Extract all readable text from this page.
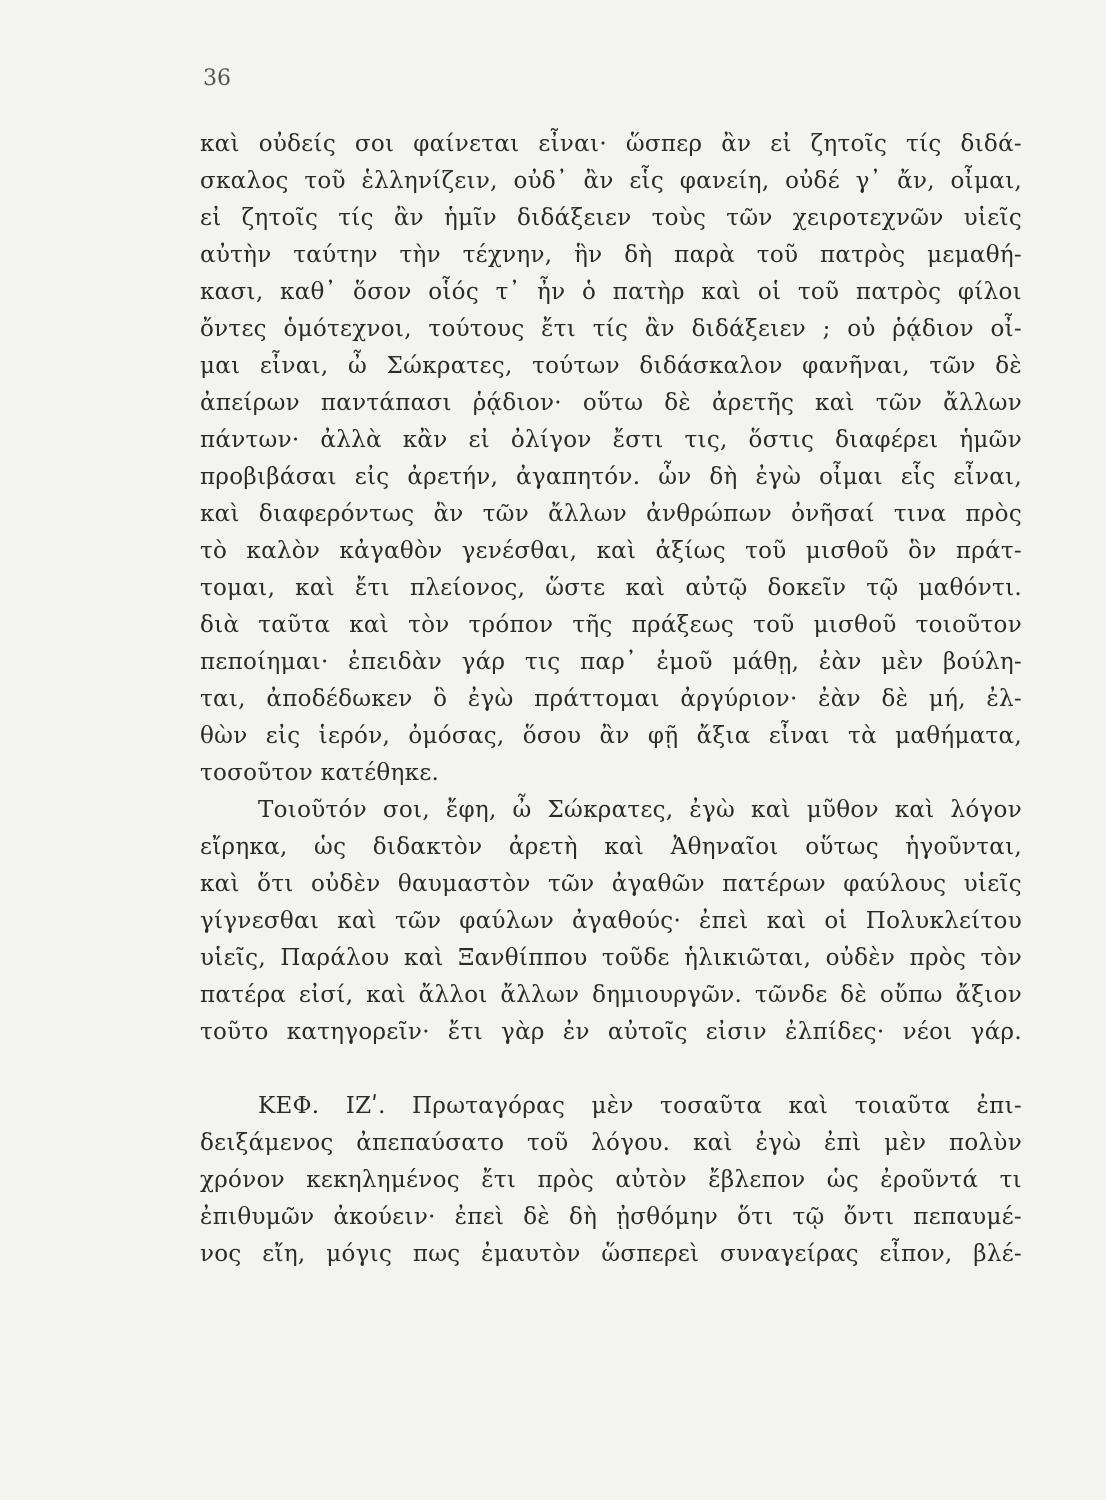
36
καὶ οὐδείς σοι φαίνεται εἶναι· ὥσπερ ἂν εἰ ζητοῖς τίς διδά-
σκαλος τοῦ ἑλληνίζειν, οὐδ᾽ ἂν εἷς φανείη, οὐδέ γ᾽ ἄν, οἶμαι,
εἰ ζητοῖς τίς ἂν ἡμῖν διδάξειεν τοὺς τῶν χειροτεχνῶν υἱεῖς
αὐτὴν ταύτην τὴν τέχνην, ἣν δὴ παρὰ τοῦ πατρὸς μεμαθή-
κασι, καθ᾽ ὅσον οἷός τ᾽ ἦν ὁ πατὴρ καὶ οἱ τοῦ πατρὸς φίλοι
ὄντες ὁμότεχνοι, τούτους ἔτι τίς ἂν διδάξειεν ; οὐ ῥᾴδιον οἶ-
μαι εἶναι, ὦ Σώκρατες, τούτων διδάσκαλον φανῆναι, τῶν δὲ
ἀπείρων παντάπασι ῥᾴδιον· οὕτω δὲ ἀρετῆς καὶ τῶν ἄλλων
πάντων· ἀλλὰ κἂν εἰ ὀλίγον ἔστι τις, ὅστις διαφέρει ἡμῶν
προβιβάσαι εἰς ἀρετήν, ἀγαπητόν. ὧν δὴ ἐγὼ οἶμαι εἷς εἶναι,
καὶ διαφερόντως ἂν τῶν ἄλλων ἀνθρώπων ὀνῆσαί τινα πρὸς
τὸ καλὸν κἀγαθὸν γενέσθαι, καὶ ἀξίως τοῦ μισθοῦ ὃν πράτ-
τομαι, καὶ ἔτι πλείονος, ὥστε καὶ αὐτῷ δοκεῖν τῷ μαθόντι.
διὰ ταῦτα καὶ τὸν τρόπον τῆς πράξεως τοῦ μισθοῦ τοιοῦτον
πεποίημαι· ἐπειδὰν γάρ τις παρ᾽ ἐμοῦ μάθῃ, ἐὰν μὲν βούλη-
ται, ἀποδέδωκεν ὃ ἐγὼ πράττομαι ἀργύριον· ἐὰν δὲ μή, ἐλ-
θὼν εἰς ἱερόν, ὀμόσας, ὅσου ἂν φῇ ἄξια εἶναι τὰ μαθήματα,
τοσοῦτον κατέθηκε.
Τοιοῦτόν σοι, ἔφη, ὦ Σώκρατες, ἐγὼ καὶ μῦθον καὶ λόγον
εἴρηκα, ὡς διδακτὸν ἀρετὴ καὶ Ἀθηναῖοι οὕτως ἡγοῦνται,
καὶ ὅτι οὐδὲν θαυμαστὸν τῶν ἀγαθῶν πατέρων φαύλους υἱεῖς
γίγνεσθαι καὶ τῶν φαύλων ἀγαθούς· ἐπεὶ καὶ οἱ Πολυκλείτου
υἱεῖς, Παράλου καὶ Ξανθίππου τοῦδε ἡλικιῶται, οὐδὲν πρὸς τὸν
πατέρα εἰσί, καὶ ἄλλοι ἄλλων δημιουργῶν. τῶνδε δὲ οὔπω ἄξιον
τοῦτο κατηγορεῖν· ἔτι γὰρ ἐν αὐτοῖς εἰσιν ἐλπίδες· νέοι γάρ.
ΚΕΦ. ΙΖʹ. Πρωταγόρας μὲν τοσαῦτα καὶ τοιαῦτα ἐπι-
δειξάμενος ἀπεπαύσατο τοῦ λόγου. καὶ ἐγὼ ἐπὶ μὲν πολὺν
χρόνον κεκηλημένος ἔτι πρὸς αὐτὸν ἔβλεπον ὡς ἐροῦντά τι
ἐπιθυμῶν ἀκούειν· ἐπεὶ δὲ δὴ ᾐσθόμην ὅτι τῷ ὄντι πεπαυμέ-
νος εἴη, μόγις πως ἐμαυτὸν ὥσπερεὶ συναγείρας εἶπον, βλέ-
